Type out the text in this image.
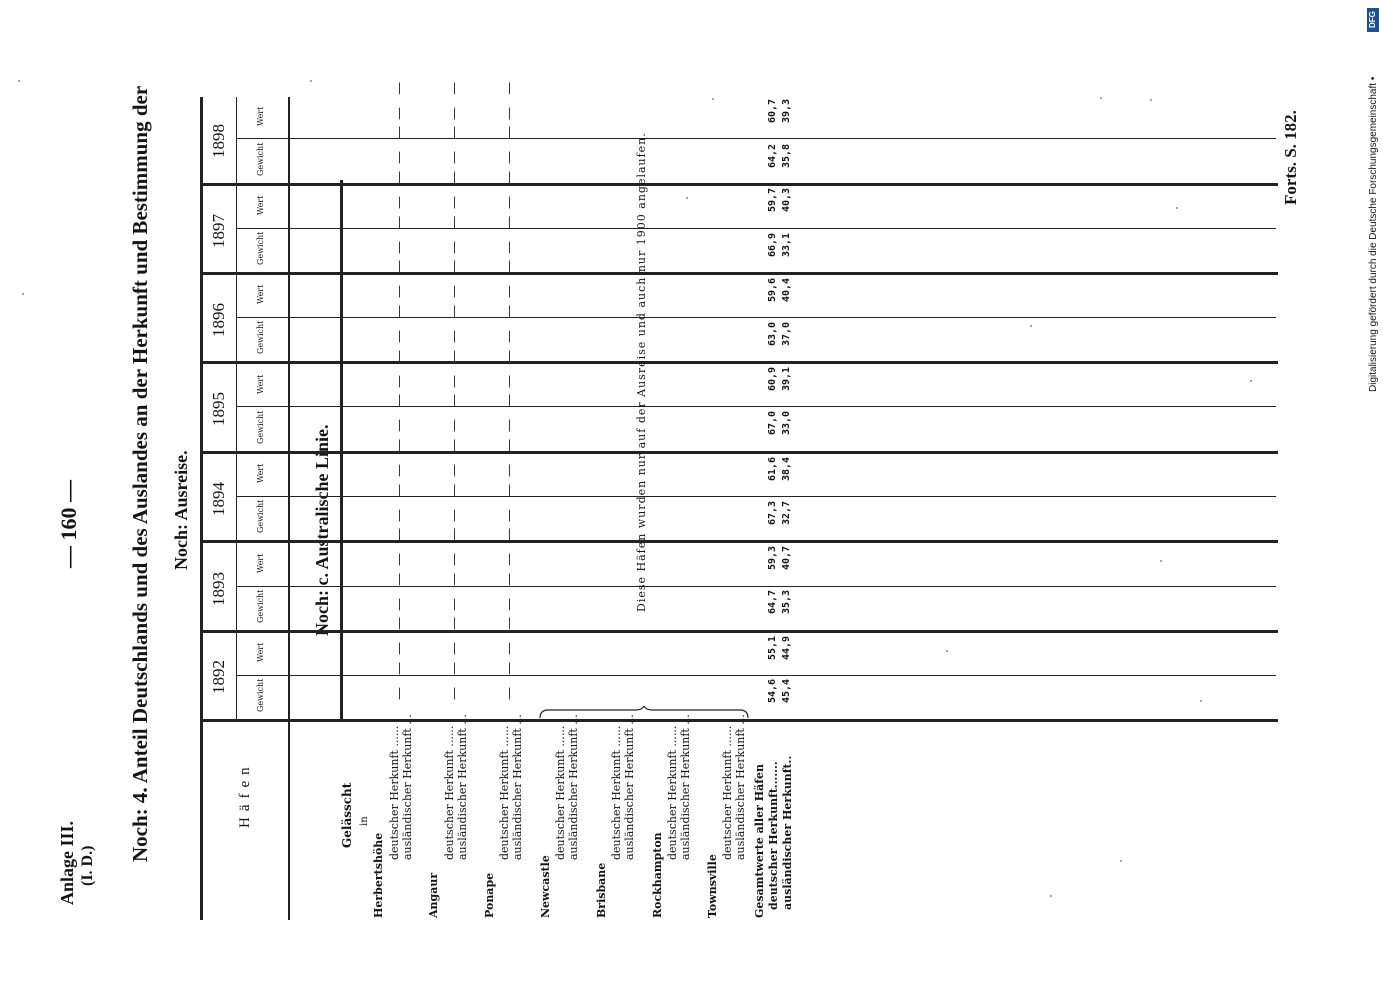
Anlage III. (I. D.)
— 160 — Noch: 4. Anteil Deutschlands und des Auslandes an der Herkunft und Bestimmung der Noch: Ausreise.	Noch: c. Australische Linie.
Forts. S. 182.	Digitalisierung gefördert durch die Deutsche Forschungsgemeinschaft •
DFG
Häfen
1892
1893
1894
1895
1896
1897
1898
Gewicht
Wert
Gewicht
Wert
Gewicht
Wert
Gewicht
Wert
Gewicht
Wert
Gewicht
Wert
Gewicht
Wert
Gelässcht in
Herbertshöhe
deutscher Herkunft ...... ausländischer Herkunft ...
Angaur
deutscher Herkunft ...... ausländischer Herkunft ...
Ponape
deutscher Herkunft ...... ausländischer Herkunft ...
Newcastle
deutscher Herkunft ...... ausländischer Herkunft ...
Brisbane
deutscher Herkunft ...... ausländischer Herkunft ...
Rockhampton
deutscher Herkunft ...... ausländischer Herkunft ...
Townsville
deutscher Herkunft ...... ausländischer Herkunft ... Gesamtwerte aller Häfen deutscher Herkunft....... ausländischer Herkunft..
Diese Häfen wurden nur auf der Ausreise und auch nur 1900 angelaufen.
— —
— —
— —
— —
— —
— —
— —
— —
— —
— —
— —
— —
— —
— —
— —
— —
— —
— —
— —
— —
— —
— —
— —
— —
— —
— —
— —
— —
— —
— —
— —
— —
— —
— —
— —
— —
— —
— —
— —
— —
— —
— —
54,6
55,1
64,7
59,3
67,3
61,6
67,0
60,9
63,0
59,6
66,9
59,7
64,2
60,7
45,4
44,9
35,3
40,7
32,7
38,4
33,0
39,1
37,0
40,4
33,1
40,3
35,8
39,3
